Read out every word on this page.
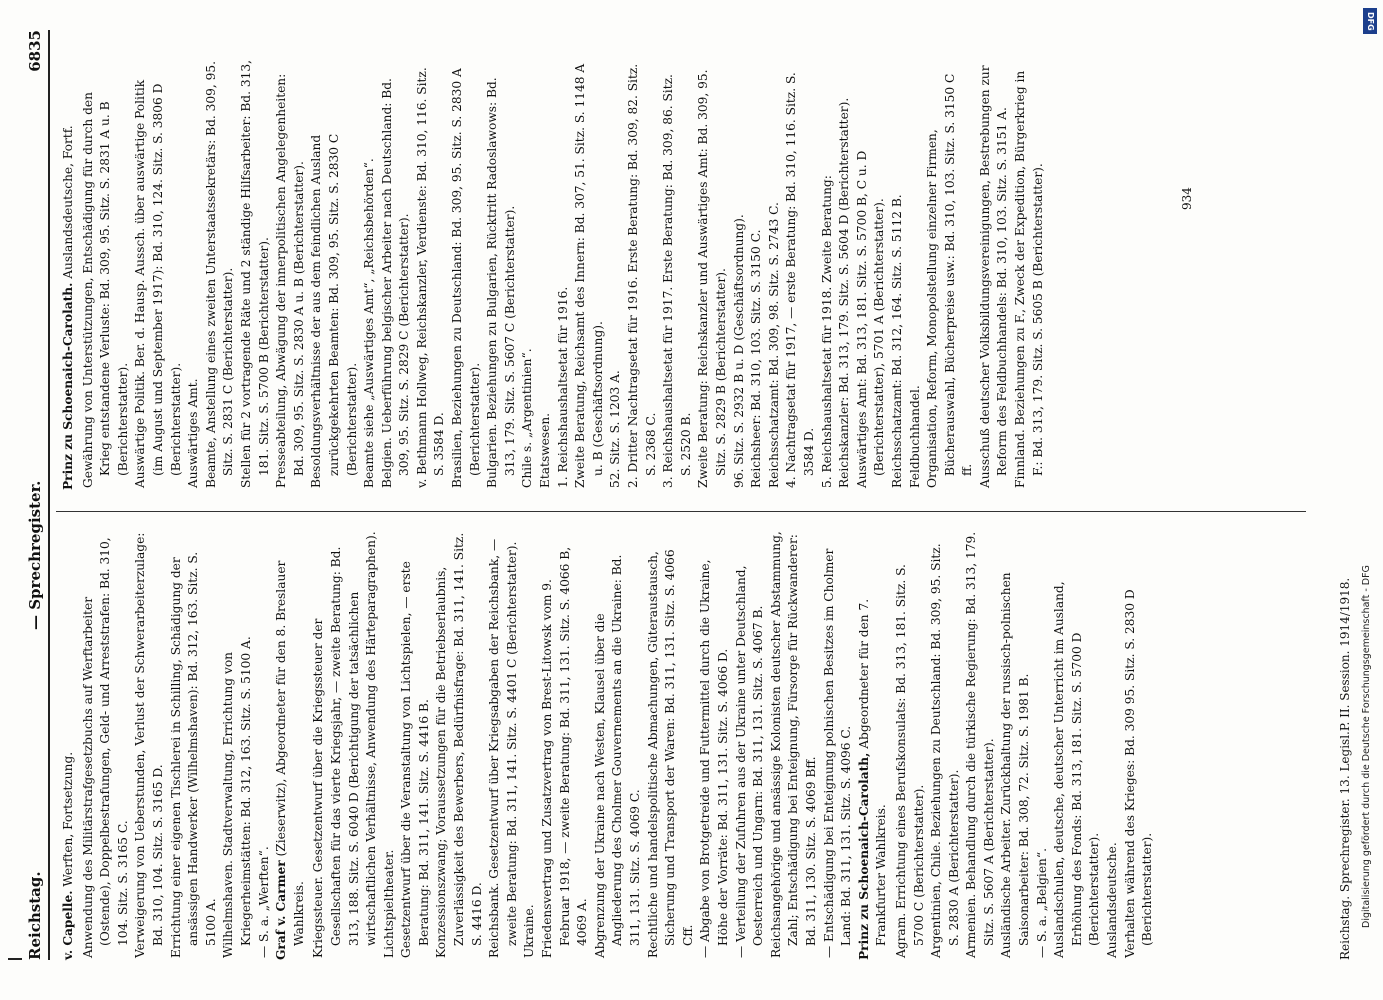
Reichstag.
— Sprechregister.
6835

v. Capelle. Werften, Fortsetzung. Anwendung des Militärstrafgesetzbuchs auf Werftarbeiter (Ostende), Doppelbestrafungen, Geld- und Arreststrafen: Bd. 310, 104. Sitz. S. 3165 C. Verweigerung von Ueberstunden, Verlust der Schwerarbeiterzulage: Bd. 310, 104. Sitz. S. 3165 D. Errichtung einer eigenen Tischlerei in Schilling, Schädigung der ansässigen Handwerker (Wilhelmshaven): Bd. 312, 163. Sitz. S. 5100 A. Wilhelmshaven. Stadtverwaltung, Errichtung von Kriegerheimstätten: Bd. 312, 163. Sitz. S. 5100 A. — S. a. „Werften“. Graf v. Carmer (Zieserwitz), Abgeordneter für den 8. Breslauer Wahlkreis. Kriegssteuer. Gesetzentwurf über die Kriegssteuer der Gesellschaften für das vierte Kriegsjahr, — zweite Beratung: Bd. 313, 188. Sitz. S. 6040 D (Berichtigung der tatsächlichen wirtschaftlichen Verhältnisse, Anwendung des Härteparagraphen). Lichtspieltheater. Gesetzentwurf über die Veranstaltung von Lichtspielen, — erste Beratung: Bd. 311, 141. Sitz. S. 4416 B. Konzessionszwang; Voraussetzungen für die Betriebserlaubnis, Zuverlässigkeit des Bewerbers, Bedürfnisfrage: Bd. 311, 141. Sitz. S. 4416 D. Reichsbank. Gesetzentwurf über Kriegsabgaben der Reichsbank, — zweite Beratung: Bd. 311, 141. Sitz. S. 4401 C (Berichterstatter). Ukraine. Friedensvertrag und Zusatzvertrag von Brest-Litowsk vom 9. Februar 1918, — zweite Beratung: Bd. 311, 131. Sitz. S. 4066 B, 4069 A. Abgrenzung der Ukraine nach Westen, Klausel über die Angliederung des Cholmer Gouvernements an die Ukraine: Bd. 311, 131. Sitz. S. 4069 C. Rechtliche und handelspolitische Abmachungen, Güteraustausch, Sicherung und Transport der Waren: Bd. 311, 131. Sitz. S. 4066 Cff. — Abgabe von Brotgetreide und Futtermittel durch die Ukraine, Höhe der Vorräte: Bd. 311, 131. Sitz. S. 4066 D. — Verteilung der Zufuhren aus der Ukraine unter Deutschland, Oesterreich und Ungarn: Bd. 311, 131. Sitz. S. 4067 B. Reichsangehörige und ansässige Kolonisten deutscher Abstammung, Zahl; Entschädigung bei Enteignung, Fürsorge für Rückwanderer: Bd. 311, 130. Sitz. S. 4069 Bff. — Entschädigung bei Enteignung polnischen Besitzes im Cholmer Land: Bd. 311, 131. Sitz. S. 4096 C. Prinz zu Schoenaich-Carolath, Abgeordneter für den 7. Frankfurter Wahlkreis. Agram. Errichtung eines Berufskonsulats: Bd. 313, 181. Sitz. S. 5700 C (Berichterstatter). Argentinien, Chile. Beziehungen zu Deutschland: Bd. 309, 95. Sitz. S. 2830 A (Berichterstatter). Armenien. Behandlung durch die türkische Regierung: Bd. 313, 179. Sitz. S. 5607 A (Berichterstatter). Ausländische Arbeiter. Zurückhaltung der russisch-polnischen Saisonarbeiter: Bd. 308, 72. Sitz. S. 1981 B. — S. a. „Belgien“. Auslandschulen, deutsche, deutscher Unterricht im Ausland, Erhöhung des Fonds: Bd. 313, 181. Sitz. S. 5700 D (Berichterstatter). Auslandsdeutsche. Verhalten während des Krieges: Bd. 309 95. Sitz. S. 2830 D (Berichterstatter).

Prinz zu Schoenaich-Carolath. Auslandsdeutsche, Fortf. Gewährung von Unterstützungen, Entschädigung für durch den Krieg entstandene Verluste: Bd. 309, 95. Sitz. S. 2831 A u. B (Berichterstatter). Auswärtige Politik. Ber. d. Hausp. Aussch. über auswärtige Politik (im August und September 1917): Bd. 310, 124. Sitz. S. 3806 D (Berichterstatter). Auswärtiges Amt. Beamte, Anstellung eines zweiten Unterstaatssekretärs: Bd. 309, 95. Sitz. S. 2831 C (Berichterstatter). Stellen für 2 vortragende Räte und 2 ständige Hilfsarbeiter: Bd. 313, 181. Sitz. S. 5700 B (Berichterstatter). Presseabteilung, Abwägung der innerpolitischen Angelegenheiten: Bd. 309, 95. Sitz. S. 2830 A u. B (Berichterstatter). Besoldungsverhältnisse der aus dem feindlichen Ausland zurückgekehrten Beamten: Bd. 309, 95. Sitz. S. 2830 C (Berichterstatter). Beamte siehe „Auswärtiges Amt“, „Reichsbehörden“. Belgien. Ueberführung belgischer Arbeiter nach Deutschland: Bd. 309, 95. Sitz. S. 2829 C (Berichterstatter). v. Bethmann Hollweg, Reichskanzler, Verdienste: Bd. 310, 116. Sitz. S. 3584 D. Brasilien, Beziehungen zu Deutschland: Bd. 309, 95. Sitz. S. 2830 A (Berichterstatter). Bulgarien. Beziehungen zu Bulgarien, Rücktritt Radoslawows: Bd. 313, 179. Sitz. S. 5607 C (Berichterstatter). Chile s. „Argentinien“. Etatswesen. 1. Reichshaushaltsetat für 1916. Zweite Beratung, Reichsamt des Innern: Bd. 307, 51. Sitz. S. 1148 A u. B (Geschäftsordnung). 52. Sitz. S. 1203 A. 2. Dritter Nachtragsetat für 1916. Erste Beratung: Bd. 309, 82. Sitz. S. 2368 C. 3. Reichshaushaltsetat für 1917. Erste Beratung: Bd. 309, 86. Sitz. S. 2520 B. Zweite Beratung: Reichskanzler und Auswärtiges Amt: Bd. 309, 95. Sitz. S. 2829 B (Berichterstatter). 96. Sitz. S. 2932 B u. D (Geschäftsordnung). Reichsheer: Bd. 310, 103. Sitz. S. 3150 C. Reichsschatzamt: Bd. 309, 98. Sitz. S. 2743 C. 4. Nachtragsetat für 1917, — erste Beratung: Bd. 310, 116. Sitz. S. 3584 D. 5. Reichshaushaltsetat für 1918. Zweite Beratung: Reichskanzler: Bd. 313, 179. Sitz. S. 5604 D (Berichterstatter). Auswärtiges Amt: Bd. 313, 181. Sitz. S. 5700 B, C u. D (Berichterstatter), 5701 A (Berichterstatter). Reichsschatzamt: Bd. 312, 164. Sitz. S. 5112 B. Feldbuchhandel. Organisation, Reform, Monopolstellung einzelner Firmen, Bücherauswahl, Bücherpreise usw.: Bd. 310, 103. Sitz. S. 3150 C ff. Ausschuß deutscher Volksbildungsvereinigungen, Bestrebungen zur Reform des Feldbuchhandels: Bd. 310, 103. Sitz. S. 3151 A. Finnland. Beziehungen zu F., Zweck der Expedition, Bürgerkrieg in F.: Bd. 313, 179. Sitz. S. 5605 B (Berichterstatter).

Reichstag. Sprechregister. 13. Legisl.P. II. Session. 1914/1918.
934
DFG
Digitalisierung gefördert durch die Deutsche Forschungsgemeinschaft - DFG
